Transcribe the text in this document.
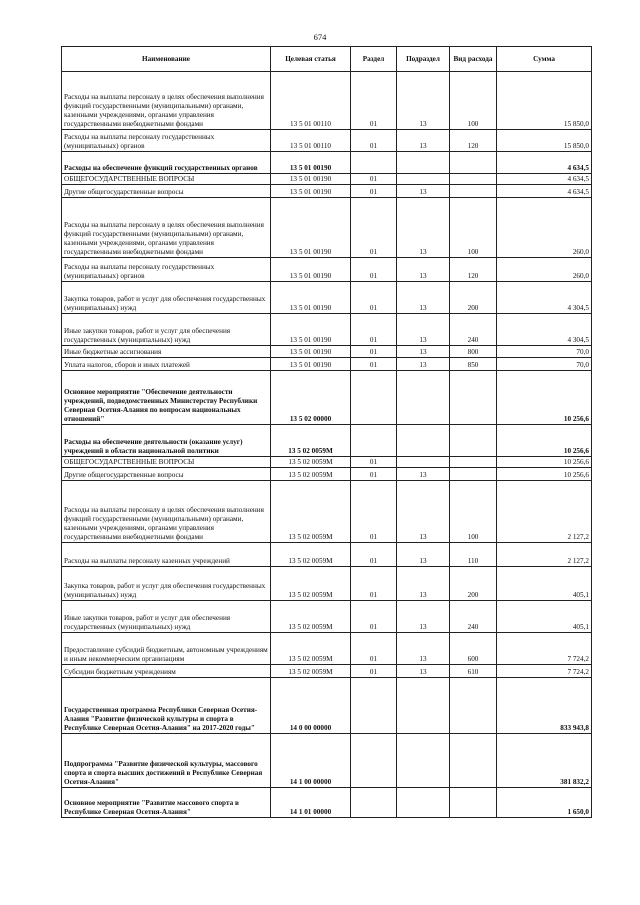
674
Наименование	Целевая статья	Раздел	Подраздел	Вид расхода	Сумма

Расходы на выплаты персоналу в целях обеспечения выполнения функций государственными (муниципальными) органами, казенными учреждениями, органами управления государственными внебюджетными фондами	13 5 01 00110	01	13	100	15 850,0

Расходы на выплаты персоналу государственных (муниципальных) органов	13 5 01 00110	01	13	120	15 850,0

Расходы на обеспечение функций государственных органов	13 5 01 00190				4 634,5

ОБЩЕГОСУДАРСТВЕННЫЕ ВОПРОСЫ	13 5 01 00190	01			4 634,5

Другие общегосударственные вопросы	13 5 01 00190	01	13		4 634,5

Расходы на выплаты персоналу в целях обеспечения выполнения функций государственными (муниципальными) органами, казенными учреждениями, органами управления государственными внебюджетными фондами	13 5 01 00190	01	13	100	260,0

Расходы на выплаты персоналу государственных (муниципальных) органов	13 5 01 00190	01	13	120	260,0

Закупка товаров, работ и услуг для обеспечения государственных (муниципальных) нужд	13 5 01 00190	01	13	200	4 304,5

Иные закупки товаров, работ и услуг для обеспечения государственных (муниципальных) нужд	13 5 01 00190	01	13	240	4 304,5

Иные бюджетные ассигнования	13 5 01 00190	01	13	800	70,0

Уплата налогов, сборов и иных платежей	13 5 01 00190	01	13	850	70,0

Основное мероприятие "Обеспечение деятельности учреждений, подведомственных Министерству Республики Северная Осетия-Алания по вопросам национальных отношений"	13 5 02 00000				10 256,6

Расходы на обеспечение деятельности (оказание услуг) учреждений в области национальной политики	13 5 02 0059М				10 256,6

ОБЩЕГОСУДАРСТВЕННЫЕ ВОПРОСЫ	13 5 02 0059М	01			10 256,6

Другие общегосударственные вопросы	13 5 02 0059М	01	13		10 256,6

Расходы на выплаты персоналу в целях обеспечения выполнения функций государственными (муниципальными) органами, казенными учреждениями, органами управления государственными внебюджетными фондами	13 5 02 0059М	01	13	100	2 127,2

Расходы на выплаты персоналу казенных учреждений	13 5 02 0059М	01	13	110	2 127,2

Закупка товаров, работ и услуг для обеспечения государственных (муниципальных) нужд	13 5 02 0059М	01	13	200	405,1

Иные закупки товаров, работ и услуг для обеспечения государственных (муниципальных) нужд	13 5 02 0059М	01	13	240	405,1

Предоставление субсидий бюджетным, автономным учреждениям и иным некоммерческим организациям	13 5 02 0059М	01	13	600	7 724,2

Субсидии бюджетным учреждениям	13 5 02 0059М	01	13	610	7 724,2

Государственная программа Республики Северная Осетия-Алания "Развитие физической культуры и спорта в Республике Северная Осетия-Алания" на 2017-2020 годы"	14 0 00 00000				833 943,8

Подпрограмма "Развитие физической культуры, массового спорта и спорта высших достижений в Республике Северная Осетия-Алания"	14 1 00 00000				381 832,2

Основное мероприятие "Развитие массового спорта в Республике Северная Осетия-Алания"	14 1 01 00000				1 650,0
